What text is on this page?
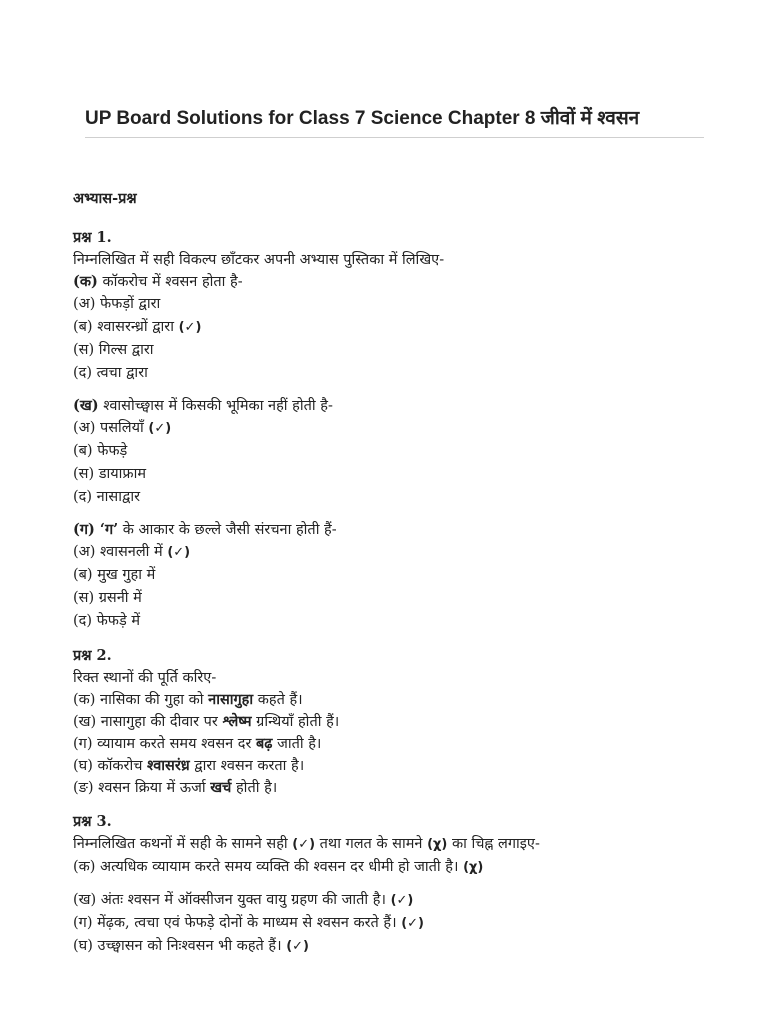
UP Board Solutions for Class 7 Science Chapter 8 जीवों में श्वसन
अभ्यास-प्रश्न
प्रश्न 1.
निम्नलिखित में सही विकल्प छाँटकर अपनी अभ्यास पुस्तिका में लिखिए-
(क) कॉकरोच में श्वसन होता है-
(अ) फेफड़ों द्वारा
(ब) श्वासरन्ध्रों द्वारा (✓)
(स) गिल्स द्वारा
(द) त्वचा द्वारा
(ख) श्वासोच्छ्वास में किसकी भूमिका नहीं होती है-
(अ) पसलियाँ (✓)
(ब) फेफड़े
(स) डायाफ्राम
(द) नासाद्वार
(ग) ‘ग’ के आकार के छल्ले जैसी संरचना होती हैं-
(अ) श्वासनली में (✓)
(ब) मुख गुहा में
(स) ग्रसनी में
(द) फेफड़े में
प्रश्न 2.
रिक्त स्थानों की पूर्ति करिए-
(क) नासिका की गुहा को नासागुहा कहते हैं।
(ख) नासागुहा की दीवार पर श्लेष्म ग्रन्थियाँ होती हैं।
(ग) व्यायाम करते समय श्वसन दर बढ़ जाती है।
(घ) कॉकरोच श्वासरंध्र द्वारा श्वसन करता है।
(ङ) श्वसन क्रिया में ऊर्जा खर्च होती है।
प्रश्न 3.
निम्नलिखित कथनों में सही के सामने सही (✓) तथा गलत के सामने (χ) का चिह्न लगाइए-
(क) अत्यधिक व्यायाम करते समय व्यक्ति की श्वसन दर धीमी हो जाती है। (χ)
(ख) अंतः श्वसन में ऑक्सीजन युक्त वायु ग्रहण की जाती है। (✓)
(ग) मेंढ़क, त्वचा एवं फेफड़े दोनों के माध्यम से श्वसन करते हैं। (✓)
(घ) उच्छ्वासन को निःश्वसन भी कहते हैं। (✓)
